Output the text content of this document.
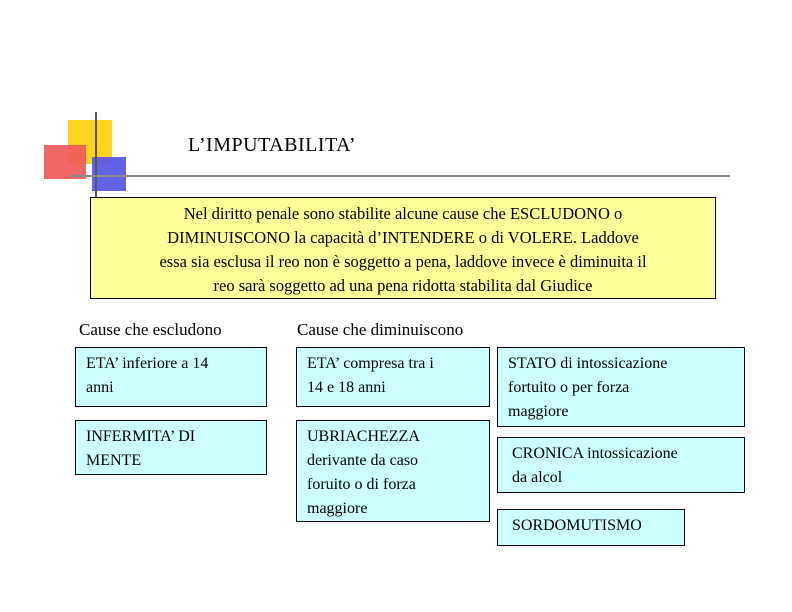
L’IMPUTABILITA’
Nel diritto penale sono stabilite alcune cause che ESCLUDONO o
DIMINUISCONO la capacità d’INTENDERE o di VOLERE. Laddove
essa sia esclusa il reo non è soggetto a pena, laddove invece è diminuita il
reo sarà soggetto ad una pena ridotta stabilita dal Giudice
Cause che escludono	Cause che diminuiscono
ETA’ inferiore a 14
anni
INFERMITA’ DI
MENTE
ETA’ compresa tra i
14 e 18 anni
UBRIACHEZZA
derivante da caso
foruito o di forza
maggiore
STATO di intossicazione
fortuito o per forza
maggiore
CRONICA intossicazione
da alcol
SORDOMUTISMO
